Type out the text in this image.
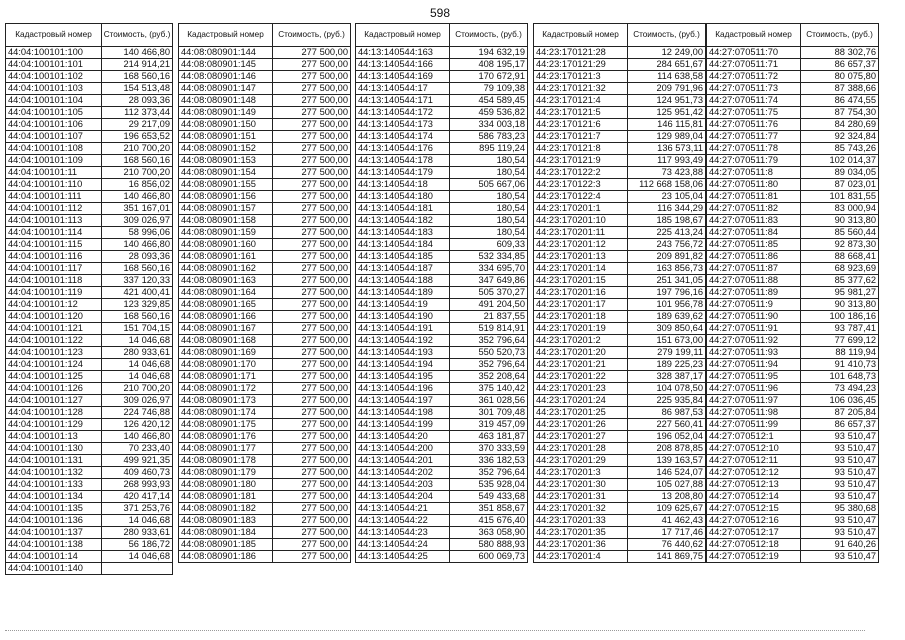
598
Кадастровый номер	Стоимость, (руб.)
44:04:100101:100	140 466,80
44:04:100101:101	214 914,21
44:04:100101:102	168 560,16
44:04:100101:103	154 513,48
44:04:100101:104	28 093,36
44:04:100101:105	112 373,44
44:04:100101:106	29 217,09
44:04:100101:107	196 653,52
44:04:100101:108	210 700,20
44:04:100101:109	168 560,16
44:04:100101:11	210 700,20
44:04:100101:110	16 856,02
44:04:100101:111	140 466,80
44:04:100101:112	351 167,01
44:04:100101:113	309 026,97
44:04:100101:114	58 996,06
44:04:100101:115	140 466,80
44:04:100101:116	28 093,36
44:04:100101:117	168 560,16
44:04:100101:118	337 120,33
44:04:100101:119	421 400,41
44:04:100101:12	123 329,85
44:04:100101:120	168 560,16
44:04:100101:121	151 704,15
44:04:100101:122	14 046,68
44:04:100101:123	280 933,61
44:04:100101:124	14 046,68
44:04:100101:125	14 046,68
44:04:100101:126	210 700,20
44:04:100101:127	309 026,97
44:04:100101:128	224 746,88
44:04:100101:129	126 420,12
44:04:100101:13	140 466,80
44:04:100101:130	70 233,40
44:04:100101:131	499 921,35
44:04:100101:132	409 460,73
44:04:100101:133	268 993,93
44:04:100101:134	420 417,14
44:04:100101:135	371 253,76
44:04:100101:136	14 046,68
44:04:100101:137	280 933,61
44:04:100101:138	56 186,72
44:04:100101:14	14 046,68
44:04:100101:140	
Кадастровый номер	Стоимость, (руб.)
44:08:080901:144	277 500,00
44:08:080901:145	277 500,00
44:08:080901:146	277 500,00
44:08:080901:147	277 500,00
44:08:080901:148	277 500,00
44:08:080901:149	277 500,00
44:08:080901:150	277 500,00
44:08:080901:151	277 500,00
44:08:080901:152	277 500,00
44:08:080901:153	277 500,00
44:08:080901:154	277 500,00
44:08:080901:155	277 500,00
44:08:080901:156	277 500,00
44:08:080901:157	277 500,00
44:08:080901:158	277 500,00
44:08:080901:159	277 500,00
44:08:080901:160	277 500,00
44:08:080901:161	277 500,00
44:08:080901:162	277 500,00
44:08:080901:163	277 500,00
44:08:080901:164	277 500,00
44:08:080901:165	277 500,00
44:08:080901:166	277 500,00
44:08:080901:167	277 500,00
44:08:080901:168	277 500,00
44:08:080901:169	277 500,00
44:08:080901:170	277 500,00
44:08:080901:171	277 500,00
44:08:080901:172	277 500,00
44:08:080901:173	277 500,00
44:08:080901:174	277 500,00
44:08:080901:175	277 500,00
44:08:080901:176	277 500,00
44:08:080901:177	277 500,00
44:08:080901:178	277 500,00
44:08:080901:179	277 500,00
44:08:080901:180	277 500,00
44:08:080901:181	277 500,00
44:08:080901:182	277 500,00
44:08:080901:183	277 500,00
44:08:080901:184	277 500,00
44:08:080901:185	277 500,00
44:08:080901:186	277 500,00
Кадастровый номер	Стоимость, (руб.)
44:13:140544:163	194 632,19
44:13:140544:166	408 195,17
44:13:140544:169	170 672,91
44:13:140544:17	79 109,38
44:13:140544:171	454 589,45
44:13:140544:172	459 536,82
44:13:140544:173	334 003,18
44:13:140544:174	586 783,23
44:13:140544:176	895 119,24
44:13:140544:178	180,54
44:13:140544:179	180,54
44:13:140544:18	505 667,06
44:13:140544:180	180,54
44:13:140544:181	180,54
44:13:140544:182	180,54
44:13:140544:183	180,54
44:13:140544:184	609,33
44:13:140544:185	532 334,85
44:13:140544:187	334 695,70
44:13:140544:188	347 649,86
44:13:140544:189	505 370,27
44:13:140544:19	491 204,50
44:13:140544:190	21 837,55
44:13:140544:191	519 814,91
44:13:140544:192	352 796,64
44:13:140544:193	550 520,73
44:13:140544:194	352 796,64
44:13:140544:195	352 208,64
44:13:140544:196	375 140,42
44:13:140544:197	361 028,56
44:13:140544:198	301 709,48
44:13:140544:199	319 457,09
44:13:140544:20	463 181,87
44:13:140544:200	370 333,59
44:13:140544:201	336 182,53
44:13:140544:202	352 796,64
44:13:140544:203	535 928,04
44:13:140544:204	549 433,68
44:13:140544:21	351 858,67
44:13:140544:22	415 676,40
44:13:140544:23	363 058,90
44:13:140544:24	580 888,93
44:13:140544:25	600 069,73
Кадастровый номер	Стоимость, (руб.)
44:23:170121:28	12 249,00
44:23:170121:29	284 651,67
44:23:170121:3	114 638,58
44:23:170121:32	209 791,96
44:23:170121:4	124 951,73
44:23:170121:5	125 951,42
44:23:170121:6	146 115,81
44:23:170121:7	129 989,04
44:23:170121:8	136 573,11
44:23:170121:9	117 993,49
44:23:170122:2	73 423,88
44:23:170122:3	112 668 158,06
44:23:170122:4	23 105,04
44:23:170201:1	116 344,29
44:23:170201:10	185 198,67
44:23:170201:11	225 413,24
44:23:170201:12	243 756,72
44:23:170201:13	209 891,82
44:23:170201:14	163 856,73
44:23:170201:15	251 341,05
44:23:170201:16	197 796,16
44:23:170201:17	101 956,78
44:23:170201:18	189 639,62
44:23:170201:19	309 850,64
44:23:170201:2	151 673,00
44:23:170201:20	279 199,11
44:23:170201:21	189 225,23
44:23:170201:22	328 387,17
44:23:170201:23	104 078,50
44:23:170201:24	225 935,84
44:23:170201:25	86 987,53
44:23:170201:26	227 560,41
44:23:170201:27	196 052,04
44:23:170201:28	208 878,85
44:23:170201:29	139 163,57
44:23:170201:3	146 524,07
44:23:170201:30	105 027,88
44:23:170201:31	13 208,80
44:23:170201:32	109 625,67
44:23:170201:33	41 462,43
44:23:170201:35	17 717,46
44:23:170201:36	76 440,62
44:23:170201:4	141 869,75
Кадастровый номер	Стоимость, (руб.)
44:27:070511:70	88 302,76
44:27:070511:71	86 657,37
44:27:070511:72	80 075,80
44:27:070511:73	87 388,66
44:27:070511:74	86 474,55
44:27:070511:75	87 754,30
44:27:070511:76	84 280,69
44:27:070511:77	92 324,84
44:27:070511:78	85 743,26
44:27:070511:79	102 014,37
44:27:070511:8	89 034,05
44:27:070511:80	87 023,01
44:27:070511:81	101 831,55
44:27:070511:82	83 000,94
44:27:070511:83	90 313,80
44:27:070511:84	85 560,44
44:27:070511:85	92 873,30
44:27:070511:86	88 668,41
44:27:070511:87	68 923,69
44:27:070511:88	85 377,62
44:27:070511:89	95 981,27
44:27:070511:9	90 313,80
44:27:070511:90	100 186,16
44:27:070511:91	93 787,41
44:27:070511:92	77 699,12
44:27:070511:93	88 119,94
44:27:070511:94	91 410,73
44:27:070511:95	101 648,73
44:27:070511:96	73 494,23
44:27:070511:97	106 036,45
44:27:070511:98	87 205,84
44:27:070511:99	86 657,37
44:27:070512:1	93 510,47
44:27:070512:10	93 510,47
44:27:070512:11	93 510,47
44:27:070512:12	93 510,47
44:27:070512:13	93 510,47
44:27:070512:14	93 510,47
44:27:070512:15	95 380,68
44:27:070512:16	93 510,47
44:27:070512:17	93 510,47
44:27:070512:18	91 640,26
44:27:070512:19	93 510,47
